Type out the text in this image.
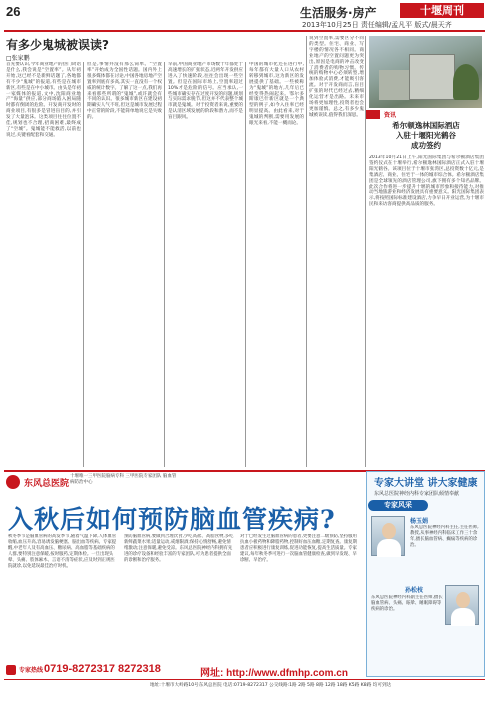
26	生活服务·房产	十堰周刊
2013年10月25日 责任编辑/孟凡平 版式/晨天齐
有多少鬼城被误读?
□张家鹏
首先要认识,今年商业地产的热门词语是什么,我会说是“空置率”。从年初开始,这已经不是新鲜话题了,各地都有不少“鬼城”的报道,有些是在城市新区,有些是在中小城市。由头是年初一家媒体的报道,文中,沈阳商业地产“海量”供应,部分商场陷入困局随时都有倒闭的危险。开发商开发时的商业项目,有很多是冒进盲目的,并引发了大量泡沫。这类项目往往位置不佳,规划也不合理,招商困难,最终成了“空城”。鬼城能不能救活,以前也说过,关键看配套和交通。
但是,事情并没有那么简单。“空置率”开始成为全国性话题。国内外上很多媒体都在讨论,中国各地房地产空置率到底有多高,其实一直没有一个权威的统计数字。了解了这一点,我们再来看那些所谓的“鬼城”,或许就会有不同的认识。很多城市新区在建设初期确实人气不旺,但这是城市发展过程中正常的阶段,不能简单地说它是失败的。
早前,中国商业地产市场数十年都处于高速增长的扩张状态,近两年开发供应进入了快速阶段,往往会出现一些空置。但是在国际市场上,空置率超过10%才是危险的信号。应当承认,一些城市确实存在过度开发的问题,规划与实际需求脱节,但这并不代表整个城市就是鬼城。对于投资者来说,重要的是认清区域发展的阶段和潜力,而不是盲目跟风。
中国的城市化还在进行中,每年都有大量人口从农村转移到城市,这为新区的发展提供了基础。一些被称为“鬼城”的地方,几年后已经变得热闹起来。鄂尔多斯康巴什新区就是一个典型的例子,如今入住率已经明显提高。由此看来,对于鬼城的判断,需要用发展的眼光来看,不能一概而论。
说到空置率,需要区分不同的类型。住宅、商业、写字楼的情况各不相同。商业地产的空置问题更为突出,原因是电商的冲击改变了消费者的购物习惯。传统的购物中心必须转型,增加体验式消费,才能吸引客流。对于开发商而言,盲目扩张的时代已经过去,精细化运营才是出路。未来市场将更加理性,投资者也会更加谨慎。总之,有多少鬼城被误读,值得我们深思。	资讯
希尔顿逸林国际酒店
入驻十堰阳光鹤谷
成功签约
2013年10月21日上午,阳光国际集团与希尔顿酒店集团签约仪式在十堰举行,希尔顿逸林国际酒店正式入驻十堰阳光鹤谷。该项目位于十堰市张湾区,总投资数十亿元,是集酒店、商业、住宅于一体的城市综合体。希尔顿酒店集团是全球领先的酒店管理公司,旗下拥有多个知名品牌。此次合作将进一步提升十堰的城市形象和接待能力,对推动当地旅游业和经济发展具有重要意义。阳光国际集团表示,将按照国际标准建设酒店,力争早日开业运营,为十堰市民和来访客商提供高品质的服务。
东风总医院
十堰唯一三甲医院脑病专科 三甲医院专家团队 脑血管病防治中心
入秋后如何预防脑血管疾病?
秋冬季节是脑血管病的高发季节,随着气温下降,人体血管收缩,血压升高,容易诱发脑梗塞、脑出血等疾病。专家提醒,中老年人及有高血压、糖尿病、高血脂等基础疾病的人群,要特别注意保暖,按时服药,定期体检。一旦出现头晕、头痛、肢体麻木、言语不清等症状,应及时到正规医院就诊,以免延误最佳治疗时机。
预防脑血管病,要做到合理饮食,少吃高盐、高脂食物,多吃新鲜蔬菜水果;适量运动,戒烟限酒;保持心情舒畅,避免情绪激动;注意保暖,避免受凉。东风总医院神经内科拥有先进的诊疗设备和经验丰富的专家团队,可为患者提供全面的诊断和治疗服务。
对于已经发生过脑血管病的患者,更要注意二级预防,坚持服用抗血小板药物和降脂药物,控制好血压血糖,定期复查。康复期患者应积极进行康复训练,促进功能恢复,提高生活质量。专家建议,每年秋冬季可进行一次脑血管健康检查,做到早发现、早诊断、早治疗。
专家热线 0719-8272317 8272318	网址: http://www.dfmhp.com.cn
专家大讲堂 讲大家健康
东风总医院神经内科专家团队倾情奉献
专家风采
杨玉娟
东风总医院神经内科主任,主任医师,教授,从事神经内科临床工作三十余年,擅长脑血管病、癫痫等疾病的诊治。
孙松枝
东风总医院神经内科副主任医师,擅长脑血管病、头痛、眩晕、睡眠障碍等疾病的诊治。
地址:十堰市大岭路10号东风总医院 电话:0719-8272317 公交线路:1路 2路 5路 8路 12路 18路 K5路 K8路 均可到达
